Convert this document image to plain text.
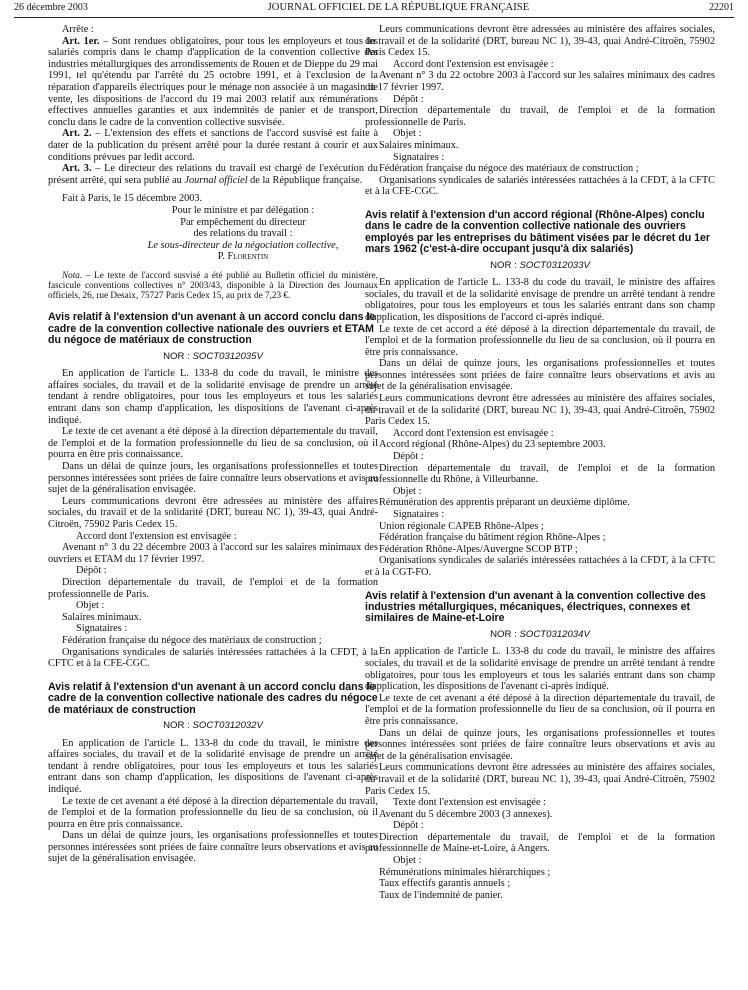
26 décembre 2003	JOURNAL OFFICIEL DE LA RÉPUBLIQUE FRANÇAISE	22201

Arrête :

Art. 1er. – Sont rendues obligatoires, pour tous les employeurs et tous les salariés compris dans le champ d'application de la convention collective des industries métallurgiques des arrondissements de Rouen et de Dieppe du 29 mai 1991, tel qu'étendu par l'arrêté du 25 octobre 1991, et à l'exclusion de la réparation d'appareils électriques pour le ménage non associée à un magasin de vente, les dispositions de l'accord du 19 mai 2003 relatif aux rémunérations effectives annuelles garanties et aux indemnités de panier et de transport, conclu dans le cadre de la convention collective susvisée.

Art. 2. – L'extension des effets et sanctions de l'accord susvisé est faite à dater de la publication du présent arrêté pour la durée restant à courir et aux conditions prévues par ledit accord.

Art. 3. – Le directeur des relations du travail est chargé de l'exécution du présent arrêté, qui sera publié au Journal officiel de la République française.

Fait à Paris, le 15 décembre 2003.

Pour le ministre et par délégation :

Par empêchement du directeur

des relations du travail :

Le sous-directeur de la négociation collective,

P. Florentin

Nota. – Le texte de l'accord susvisé a été publié au Bulletin officiel du ministère, fascicule conventions collectives n° 2003/43, disponible à la Direction des Journaux officiels, 26, rue Desaix, 75727 Paris Cedex 15, au prix de 7,23 €.

Avis relatif à l'extension d'un avenant à un accord conclu dans le cadre de la convention collective nationale des ouvriers et ETAM du négoce de matériaux de construction
NOR : SOCT0312035V

En application de l'article L. 133-8 du code du travail, le ministre des affaires sociales, du travail et de la solidarité envisage de prendre un arrêté tendant à rendre obligatoires, pour tous les employeurs et tous les salariés entrant dans son champ d'application, les dispositions de l'avenant ci-après indiqué.

Le texte de cet avenant a été déposé à la direction départementale du travail, de l'emploi et de la formation professionnelle du lieu de sa conclusion, où il pourra en être pris connaissance.

Dans un délai de quinze jours, les organisations professionnelles et toutes personnes intéressées sont priées de faire connaître leurs observations et avis au sujet de la généralisation envisagée.

Leurs communications devront être adressées au ministère des affaires sociales, du travail et de la solidarité (DRT, bureau NC 1), 39-43, quai André-Citroën, 75902 Paris Cedex 15.

Accord dont l'extension est envisagée :

Avenant n° 3 du 22 décembre 2003 à l'accord sur les salaires minimaux des ouvriers et ETAM du 17 février 1997.

Dépôt :

Direction départementale du travail, de l'emploi et de la formation professionnelle de Paris.

Objet :

Salaires minimaux.

Signataires :

Fédération française du négoce des matériaux de construction ;

Organisations syndicales de salariés intéressées rattachées à la CFDT, à la CFTC et à la CFE-CGC.

Avis relatif à l'extension d'un avenant à un accord conclu dans le cadre de la convention collective nationale des cadres du négoce de matériaux de construction
NOR : SOCT0312032V

En application de l'article L. 133-8 du code du travail, le ministre des affaires sociales, du travail et de la solidarité envisage de prendre un arrêté tendant à rendre obligatoires, pour tous les employeurs et tous les salariés entrant dans son champ d'application, les dispositions de l'avenant ci-après indiqué.

Le texte de cet avenant a été déposé à la direction départementale du travail, de l'emploi et de la formation professionnelle du lieu de sa conclusion, où il pourra en être pris connaissance.

Dans un délai de quinze jours, les organisations professionnelles et toutes personnes intéressées sont priées de faire connaître leurs observations et avis au sujet de la généralisation envisagée.

Leurs communications devront être adressées au ministère des affaires sociales, du travail et de la solidarité (DRT, bureau NC 1), 39-43, quai André-Citroën, 75902 Paris Cedex 15.

Accord dont l'extension est envisagée :

Avenant n° 3 du 22 octobre 2003 à l'accord sur les salaires minimaux des cadres du 17 février 1997.

Dépôt :

Direction départementale du travail, de l'emploi et de la formation professionnelle de Paris.

Objet :

Salaires minimaux.

Signataires :

Fédération française du négoce des matériaux de construction ;

Organisations syndicales de salariés intéressées rattachées à la CFDT, à la CFTC et à la CFE-CGC.

Avis relatif à l'extension d'un accord régional (Rhône-Alpes) conclu dans le cadre de la convention collective nationale des ouvriers employés par les entreprises du bâtiment visées par le décret du 1er mars 1962 (c'est-à-dire occupant jusqu'à dix salariés)
NOR : SOCT0312033V

En application de l'article L. 133-8 du code du travail, le ministre des affaires sociales, du travail et de la solidarité envisage de prendre un arrêté tendant à rendre obligatoires, pour tous les employeurs et tous les salariés entrant dans son champ d'application, les dispositions de l'accord ci-après indiqué.

Le texte de cet accord a été déposé à la direction départementale du travail, de l'emploi et de la formation professionnelle du lieu de sa conclusion, où il pourra en être pris connaissance.

Dans un délai de quinze jours, les organisations professionnelles et toutes personnes intéressées sont priées de faire connaître leurs observations et avis au sujet de la généralisation envisagée.

Leurs communications devront être adressées au ministère des affaires sociales, du travail et de la solidarité (DRT, bureau NC 1), 39-43, quai André-Citroën, 75902 Paris Cedex 15.

Accord dont l'extension est envisagée :

Accord régional (Rhône-Alpes) du 23 septembre 2003.

Dépôt :

Direction départementale du travail, de l'emploi et de la formation professionnelle du Rhône, à Villeurbanne.

Objet :

Rémunération des apprentis préparant un deuxième diplôme.

Signataires :

Union régionale CAPEB Rhône-Alpes ;

Fédération française du bâtiment région Rhône-Alpes ;

Fédération Rhône-Alpes/Auvergne SCOP BTP ;

Organisations syndicales de salariés intéressées rattachées à la CFDT, à la CFTC et à la CGT-FO.

Avis relatif à l'extension d'un avenant à la convention collective des industries métallurgiques, mécaniques, électriques, connexes et similaires de Maine-et-Loire
NOR : SOCT0312034V

En application de l'article L. 133-8 du code du travail, le ministre des affaires sociales, du travail et de la solidarité envisage de prendre un arrêté tendant à rendre obligatoires, pour tous les employeurs et tous les salariés entrant dans son champ d'application, les dispositions de l'avenant ci-après indiqué.

Le texte de cet avenant a été déposé à la direction départementale du travail, de l'emploi et de la formation professionnelle du lieu de sa conclusion, où il pourra en être pris connaissance.

Dans un délai de quinze jours, les organisations professionnelles et toutes personnes intéressées sont priées de faire connaître leurs observations et avis au sujet de la généralisation envisagée.

Leurs communications devront être adressées au ministère des affaires sociales, du travail et de la solidarité (DRT, bureau NC 1), 39-43, quai André-Citroën, 75902 Paris Cedex 15.

Texte dont l'extension est envisagée :

Avenant du 5 décembre 2003 (3 annexes).

Dépôt :

Direction départementale du travail, de l'emploi et de la formation professionnelle de Maine-et-Loire, à Angers.

Objet :

Rémunérations minimales hiérarchiques ;

Taux effectifs garantis annuels ;

Taux de l'indemnité de panier.
